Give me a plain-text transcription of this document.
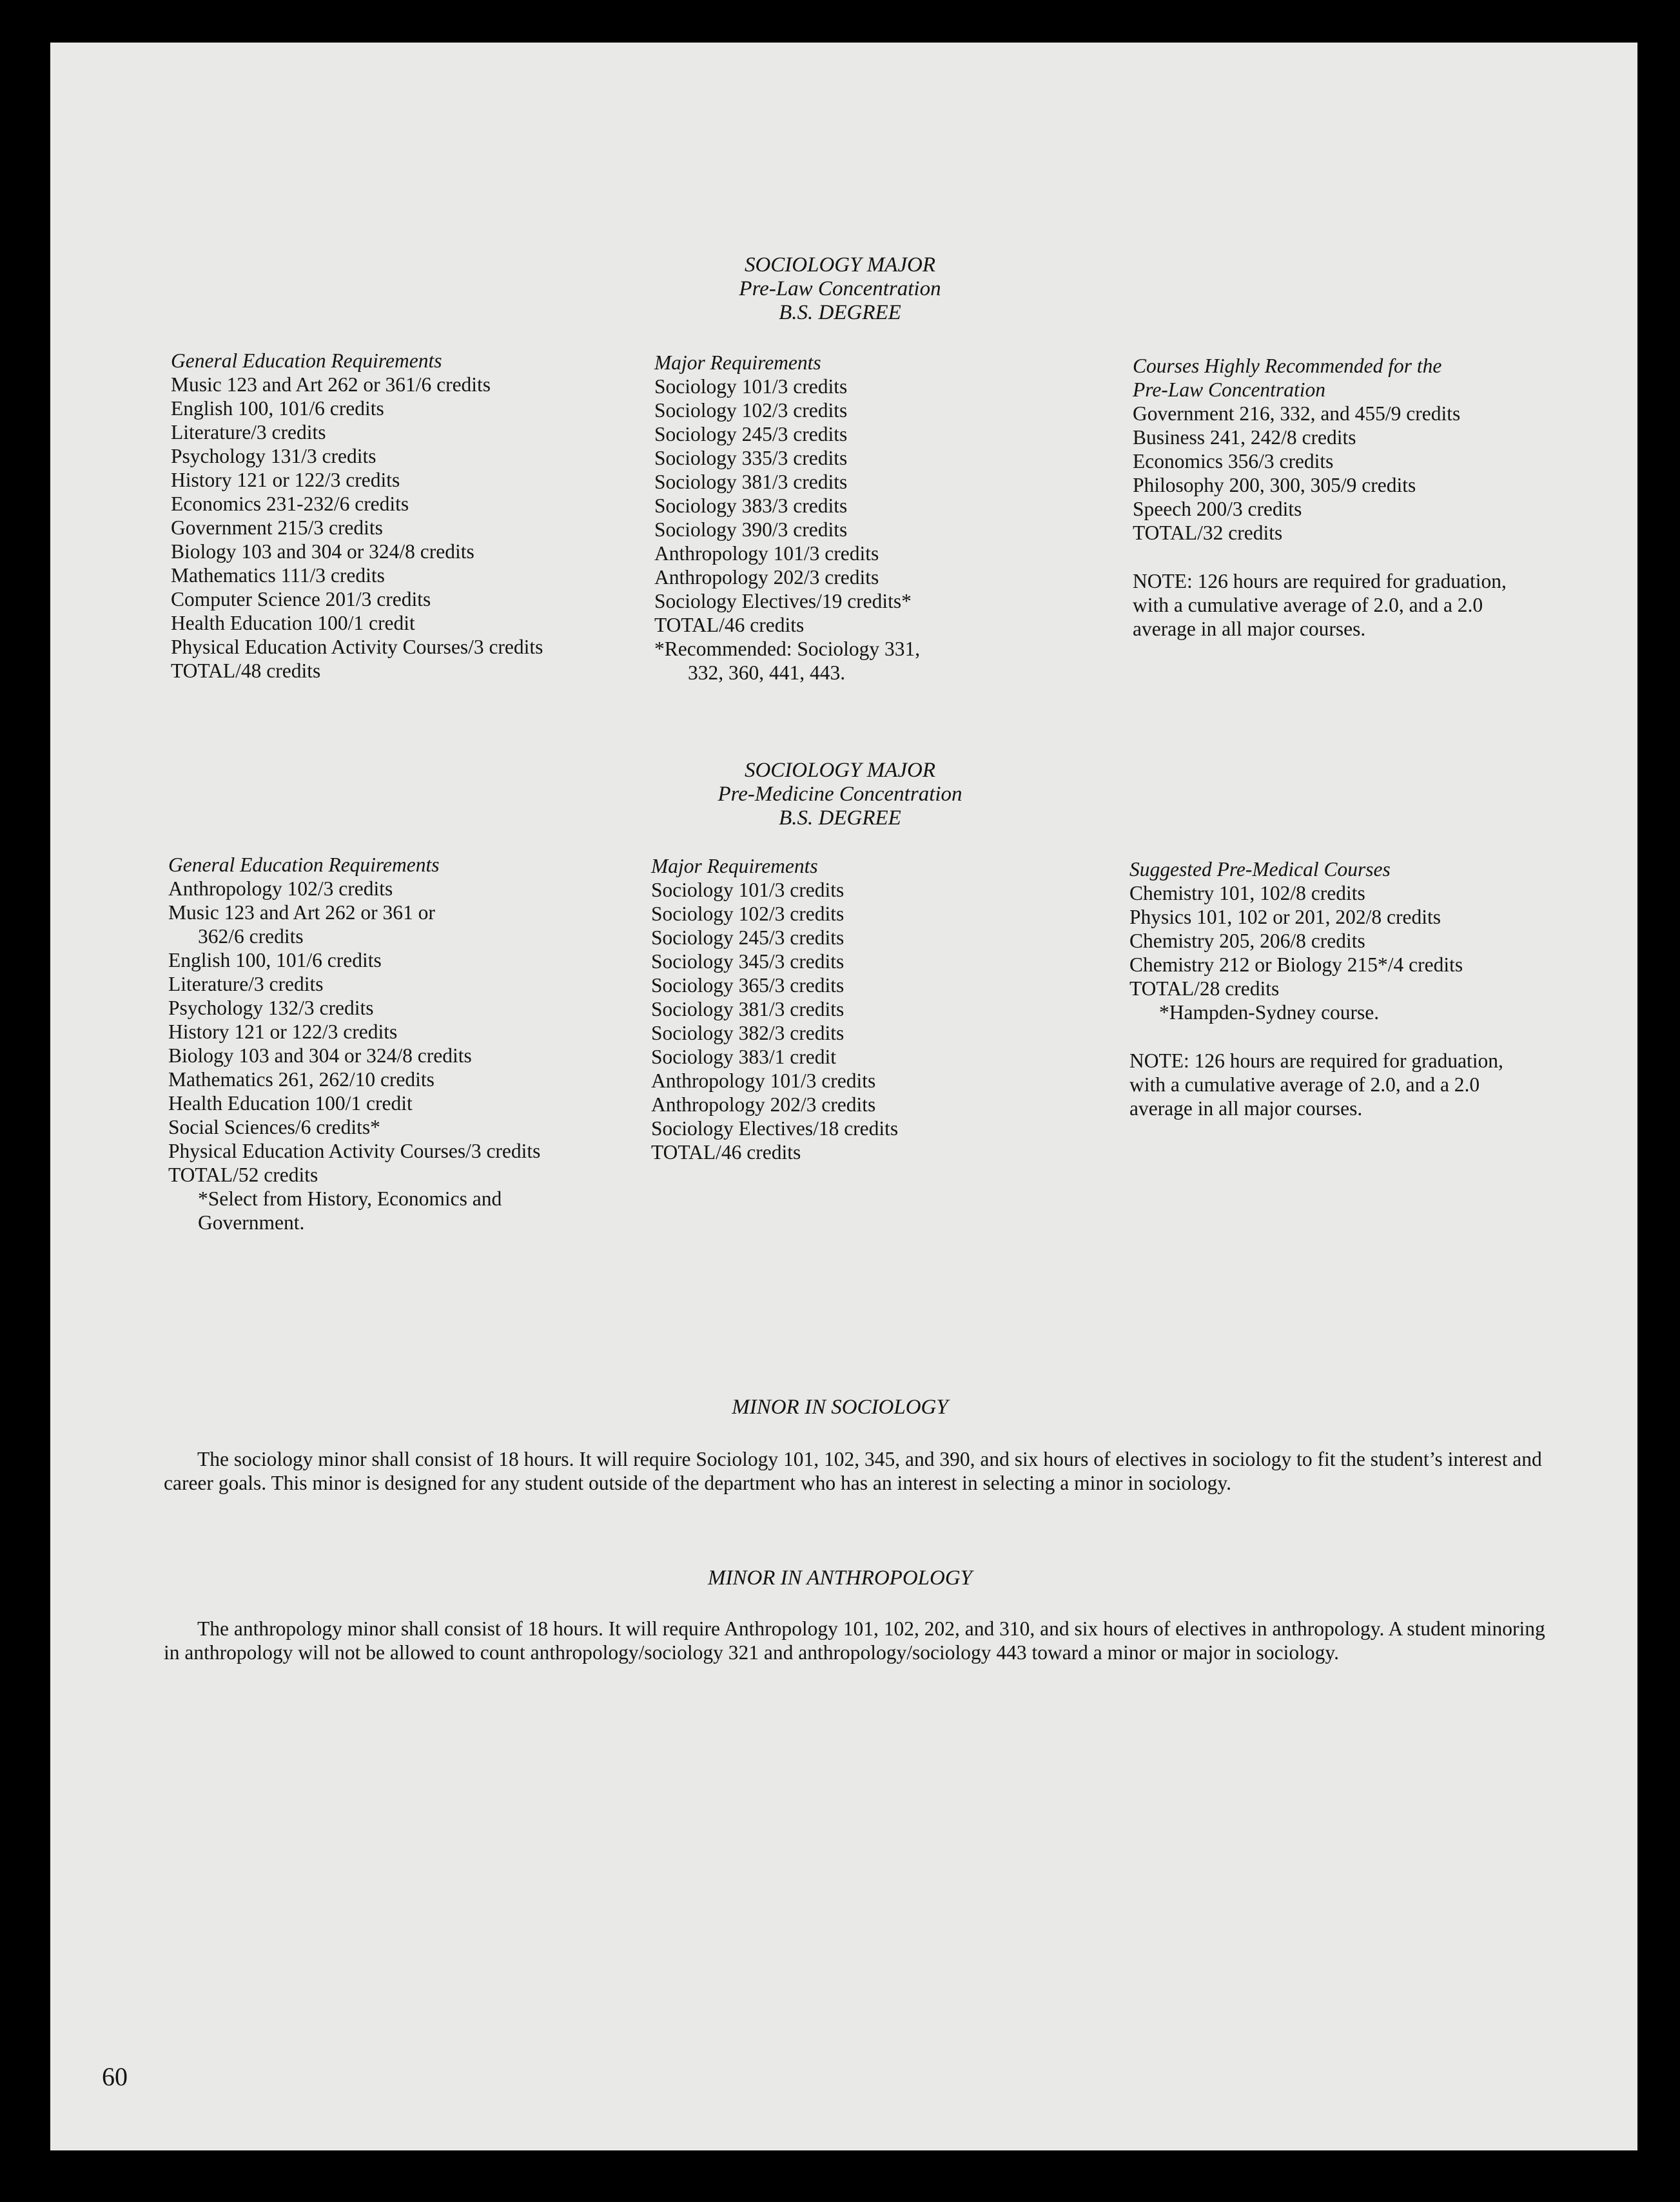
SOCIOLOGY MAJOR
Pre-Law Concentration
B.S. DEGREE
General Education Requirements
Music 123 and Art 262 or 361/6 credits
English 100, 101/6 credits
Literature/3 credits
Psychology 131/3 credits
History 121 or 122/3 credits
Economics 231-232/6 credits
Government 215/3 credits
Biology 103 and 304 or 324/8 credits
Mathematics 111/3 credits
Computer Science 201/3 credits
Health Education 100/1 credit
Physical Education Activity Courses/3 credits
TOTAL/48 credits
Major Requirements
Sociology 101/3 credits
Sociology 102/3 credits
Sociology 245/3 credits
Sociology 335/3 credits
Sociology 381/3 credits
Sociology 383/3 credits
Sociology 390/3 credits
Anthropology 101/3 credits
Anthropology 202/3 credits
Sociology Electives/19 credits*
TOTAL/46 credits
*Recommended: Sociology 331,
332, 360, 441, 443.
Courses Highly Recommended for the
Pre-Law Concentration
Government 216, 332, and 455/9 credits
Business 241, 242/8 credits
Economics 356/3 credits
Philosophy 200, 300, 305/9 credits
Speech 200/3 credits
TOTAL/32 credits
NOTE: 126 hours are required for graduation,
with a cumulative average of 2.0, and a 2.0
average in all major courses.
SOCIOLOGY MAJOR
Pre-Medicine Concentration
B.S. DEGREE
General Education Requirements
Anthropology 102/3 credits
Music 123 and Art 262 or 361 or
362/6 credits
English 100, 101/6 credits
Literature/3 credits
Psychology 132/3 credits
History 121 or 122/3 credits
Biology 103 and 304 or 324/8 credits
Mathematics 261, 262/10 credits
Health Education 100/1 credit
Social Sciences/6 credits*
Physical Education Activity Courses/3 credits
TOTAL/52 credits
*Select from History, Economics and
Government.
Major Requirements
Sociology 101/3 credits
Sociology 102/3 credits
Sociology 245/3 credits
Sociology 345/3 credits
Sociology 365/3 credits
Sociology 381/3 credits
Sociology 382/3 credits
Sociology 383/1 credit
Anthropology 101/3 credits
Anthropology 202/3 credits
Sociology Electives/18 credits
TOTAL/46 credits
Suggested Pre-Medical Courses
Chemistry 101, 102/8 credits
Physics 101, 102 or 201, 202/8 credits
Chemistry 205, 206/8 credits
Chemistry 212 or Biology 215*/4 credits
TOTAL/28 credits
*Hampden-Sydney course.
NOTE: 126 hours are required for graduation,
with a cumulative average of 2.0, and a 2.0
average in all major courses.
MINOR IN SOCIOLOGY
The sociology minor shall consist of 18 hours. It will require Sociology 101, 102, 345, and 390, and six hours of electives in sociology to fit the student’s interest and career goals. This minor is designed for any student outside of the department who has an interest in selecting a minor in sociology.
MINOR IN ANTHROPOLOGY
The anthropology minor shall consist of 18 hours. It will require Anthropology 101, 102, 202, and 310, and six hours of electives in anthropology. A student minoring in anthropology will not be allowed to count anthropology/sociology 321 and anthropology/sociology 443 toward a minor or major in sociology.
60
